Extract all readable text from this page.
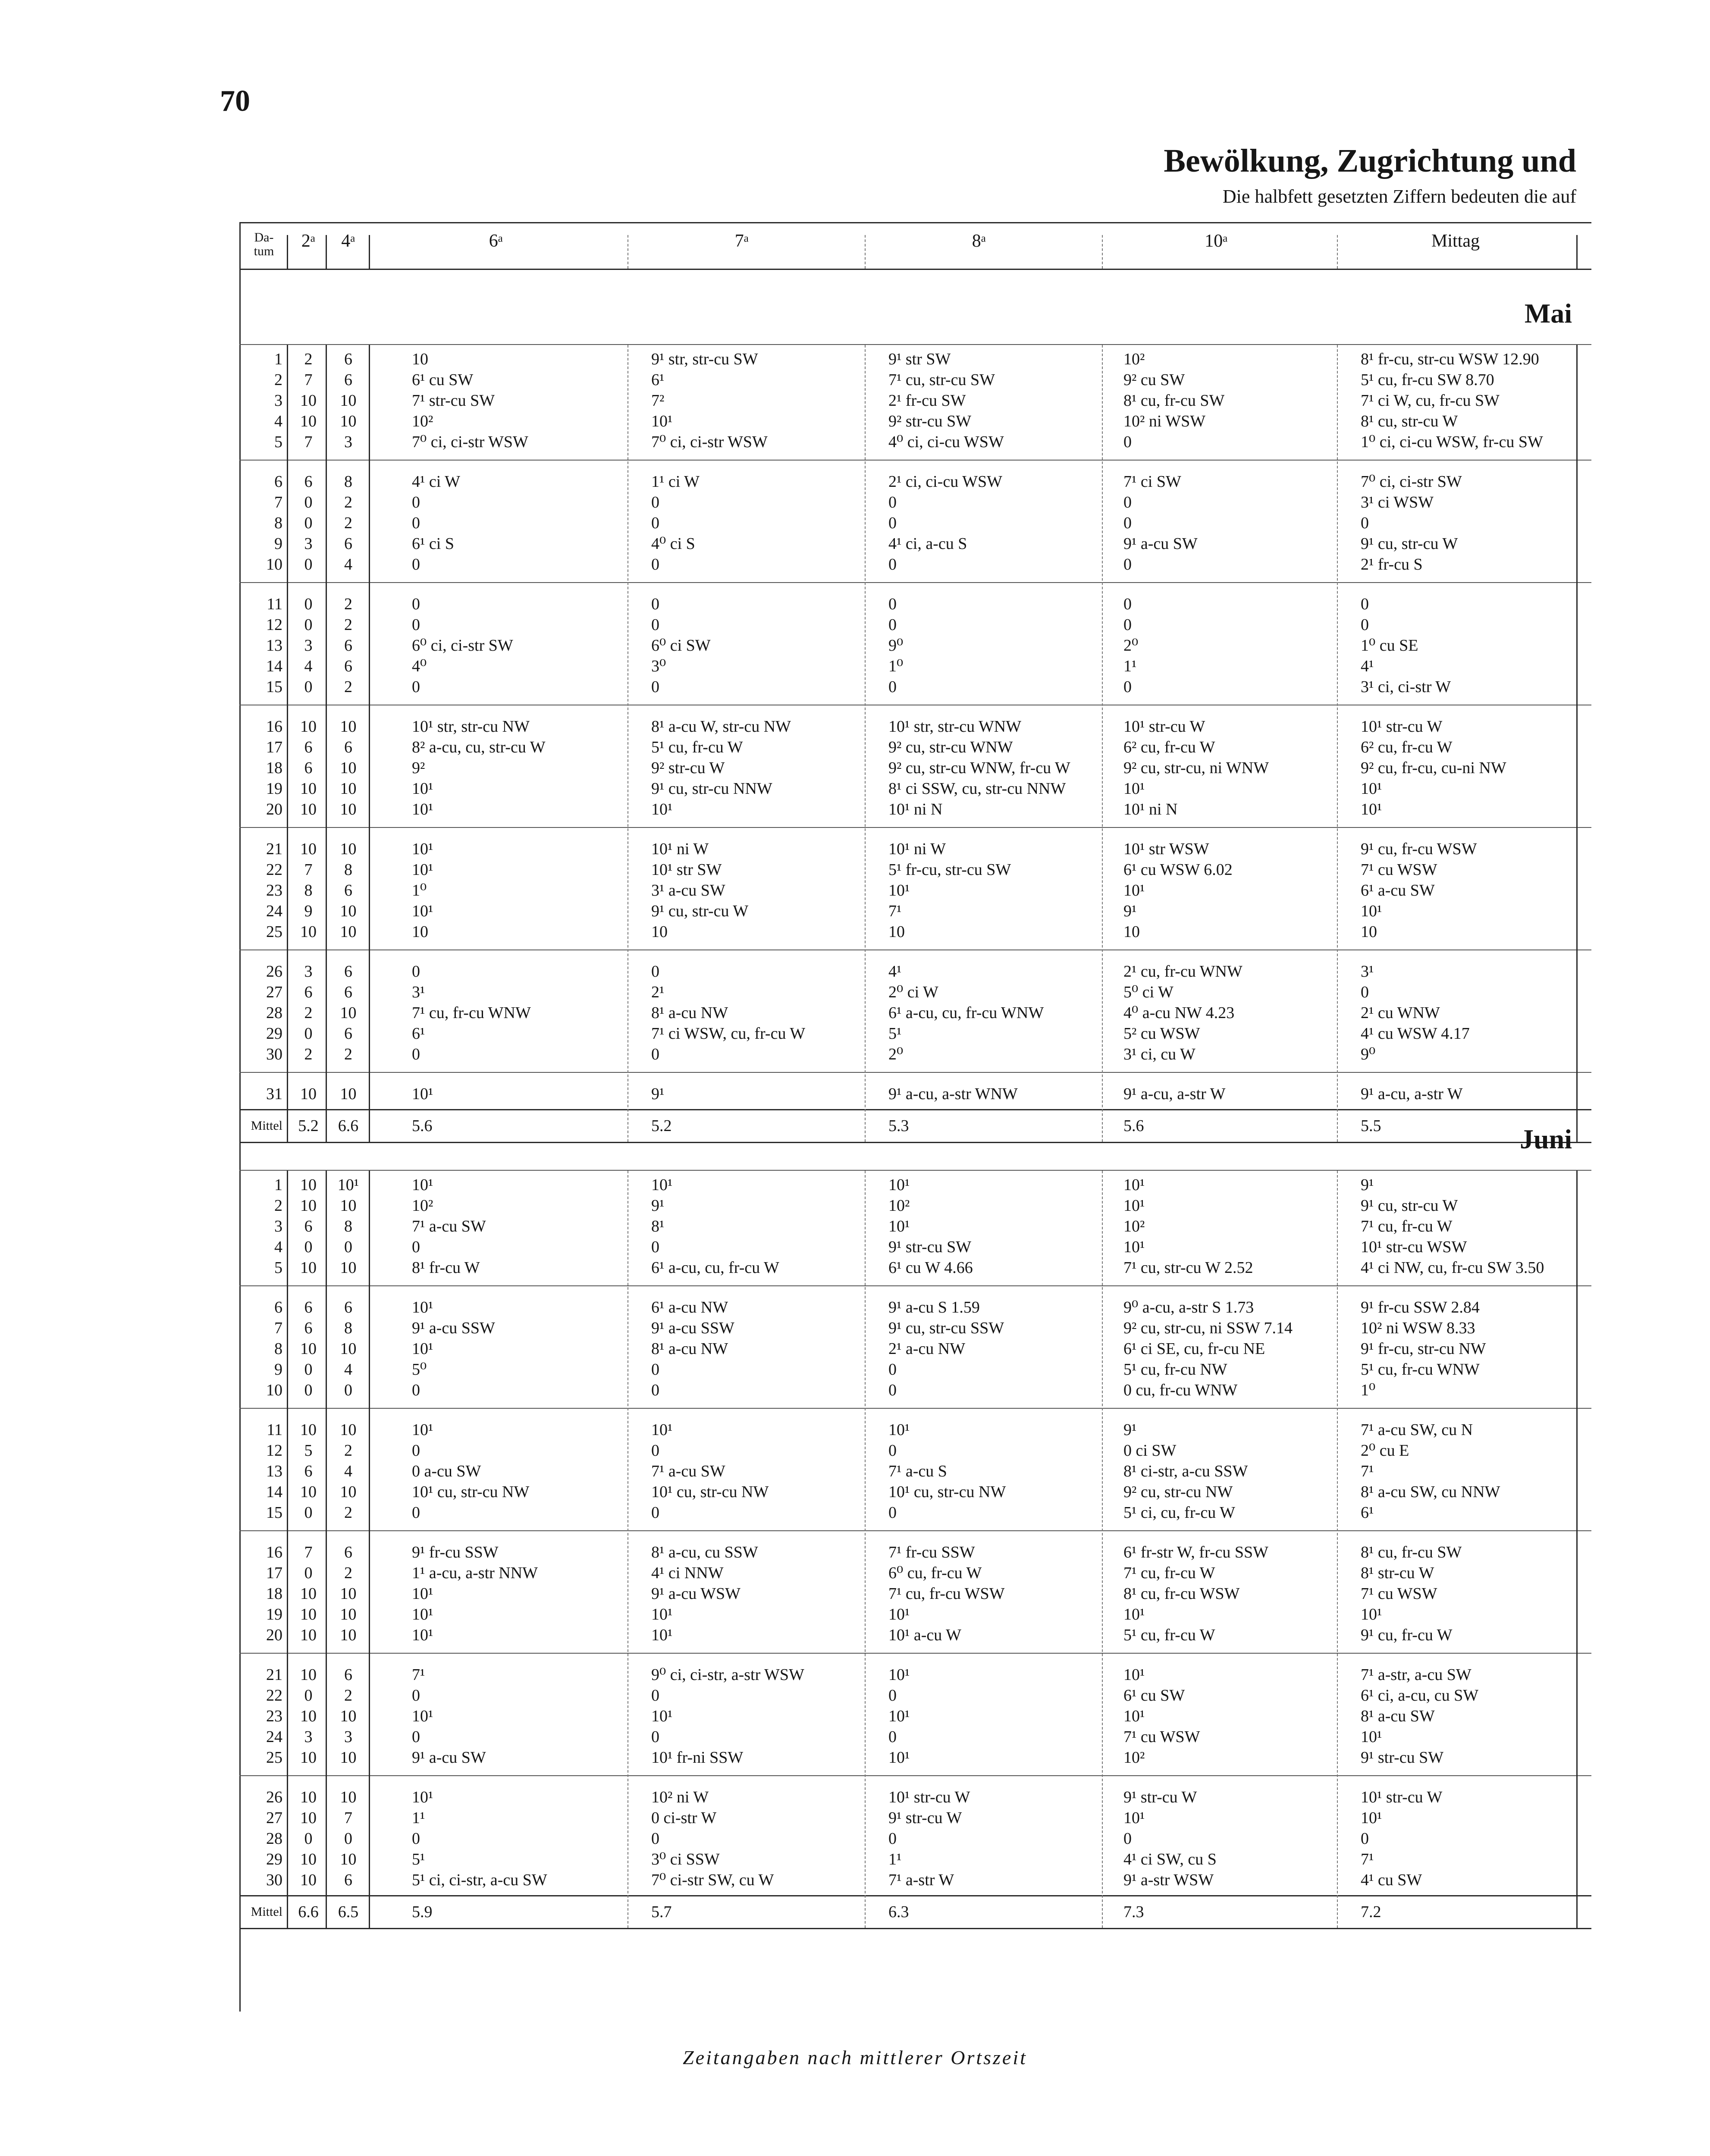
70
Bewölkung, Zugrichtung und
Die halbfett gesetzten Ziffern bedeuten die auf
Da-
tum
2ᵃ	4ᵃ	6ᵃ	7ᵃ	8ᵃ	10ᵃ	Mittag
Mai
1	2	6	10	9¹ str, str-cu SW	9¹ str SW	10²	8¹ fr-cu, str-cu WSW 12.90
2	7	6	6¹ cu SW	6¹	7¹ cu, str-cu SW	9² cu SW	5¹ cu, fr-cu SW 8.70
3	10	10	7¹ str-cu SW	7²	2¹ fr-cu SW	8¹ cu, fr-cu SW	7¹ ci W, cu, fr-cu SW
4	10	10	10²	10¹	9² str-cu SW	10² ni WSW	8¹ cu, str-cu W
5	7	3	7⁰ ci, ci-str WSW	7⁰ ci, ci-str WSW	4⁰ ci, ci-cu WSW	0	1⁰ ci, ci-cu WSW, fr-cu SW
6	6	8	4¹ ci W	1¹ ci W	2¹ ci, ci-cu WSW	7¹ ci SW	7⁰ ci, ci-str SW
7	0	2	0	0	0	0	3¹ ci WSW
8	0	2	0	0	0	0	0
9	3	6	6¹ ci S	4⁰ ci S	4¹ ci, a-cu S	9¹ a-cu SW	9¹ cu, str-cu W
10	0	4	0	0	0	0	2¹ fr-cu S
11	0	2	0	0	0	0	0
12	0	2	0	0	0	0	0
13	3	6	6⁰ ci, ci-str SW	6⁰ ci SW	9⁰	2⁰	1⁰ cu SE
14	4	6	4⁰	3⁰	1⁰	1¹	4¹
15	0	2	0	0	0	0	3¹ ci, ci-str W
16	10	10	10¹ str, str-cu NW	8¹ a-cu W, str-cu NW	10¹ str, str-cu WNW	10¹ str-cu W	10¹ str-cu W
17	6	6	8² a-cu, cu, str-cu W	5¹ cu, fr-cu W	9² cu, str-cu WNW	6² cu, fr-cu W	6² cu, fr-cu W
18	6	10	9²	9² str-cu W	9² cu, str-cu WNW, fr-cu W	9² cu, str-cu, ni WNW	9² cu, fr-cu, cu-ni NW
19	10	10	10¹	9¹ cu, str-cu NNW	8¹ ci SSW, cu, str-cu NNW	10¹	10¹
20	10	10	10¹	10¹	10¹ ni N	10¹ ni N	10¹
21	10	10	10¹	10¹ ni W	10¹ ni W	10¹ str WSW	9¹ cu, fr-cu WSW
22	7	8	10¹	10¹ str SW	5¹ fr-cu, str-cu SW	6¹ cu WSW 6.02	7¹ cu WSW
23	8	6	1⁰	3¹ a-cu SW	10¹	10¹	6¹ a-cu SW
24	9	10	10¹	9¹ cu, str-cu W	7¹	9¹	10¹
25	10	10	10	10	10	10	10
26	3	6	0	0	4¹	2¹ cu, fr-cu WNW	3¹
27	6	6	3¹	2¹	2⁰ ci W	5⁰ ci W	0
28	2	10	7¹ cu, fr-cu WNW	8¹ a-cu NW	6¹ a-cu, cu, fr-cu WNW	4⁰ a-cu NW 4.23	2¹ cu WNW
29	0	6	6¹	7¹ ci WSW, cu, fr-cu W	5¹	5² cu WSW	4¹ cu WSW 4.17
30	2	2	0	0	2⁰	3¹ ci, cu W	9⁰
31	10	10	10¹	9¹	9¹ a-cu, a-str WNW	9¹ a-cu, a-str W	9¹ a-cu, a-str W
Mittel 5.2	6.6	5.6	5.2	5.3	5.6	5.5	Juni
1	10	10¹	10¹	10¹	10¹	10¹	9¹
2	10	10	10²	9¹	10²	10¹	9¹ cu, str-cu W
3	6	8	7¹ a-cu SW	8¹	10¹	10²	7¹ cu, fr-cu W
4	0	0	0	0	9¹ str-cu SW	10¹	10¹ str-cu WSW
5	10	10	8¹ fr-cu W	6¹ a-cu, cu, fr-cu W	6¹ cu W 4.66	7¹ cu, str-cu W 2.52	4¹ ci NW, cu, fr-cu SW 3.50
6	6	6	10¹	6¹ a-cu NW	9¹ a-cu S 1.59	9⁰ a-cu, a-str S 1.73	9¹ fr-cu SSW 2.84
7	6	8	9¹ a-cu SSW	9¹ a-cu SSW	9¹ cu, str-cu SSW	9² cu, str-cu, ni SSW 7.14	10² ni WSW 8.33
8	10	10	10¹	8¹ a-cu NW	2¹ a-cu NW	6¹ ci SE, cu, fr-cu NE	9¹ fr-cu, str-cu NW
9	0	4	5⁰	0	0	5¹ cu, fr-cu NW	5¹ cu, fr-cu WNW
10	0	0	0	0	0	0 cu, fr-cu WNW	1⁰
11	10	10	10¹	10¹	10¹	9¹	7¹ a-cu SW, cu N
12	5	2	0	0	0	0 ci SW	2⁰ cu E
13	6	4	0 a-cu SW	7¹ a-cu SW	7¹ a-cu S	8¹ ci-str, a-cu SSW	7¹
14	10	10	10¹ cu, str-cu NW	10¹ cu, str-cu NW	10¹ cu, str-cu NW	9² cu, str-cu NW	8¹ a-cu SW, cu NNW
15	0	2	0	0	0	5¹ ci, cu, fr-cu W	6¹
16	7	6	9¹ fr-cu SSW	8¹ a-cu, cu SSW	7¹ fr-cu SSW	6¹ fr-str W, fr-cu SSW	8¹ cu, fr-cu SW
17	0	2	1¹ a-cu, a-str NNW	4¹ ci NNW	6⁰ cu, fr-cu W	7¹ cu, fr-cu W	8¹ str-cu W
18	10	10	10¹	9¹ a-cu WSW	7¹ cu, fr-cu WSW	8¹ cu, fr-cu WSW	7¹ cu WSW
19	10	10	10¹	10¹	10¹	10¹	10¹
20	10	10	10¹	10¹	10¹ a-cu W	5¹ cu, fr-cu W	9¹ cu, fr-cu W
21	10	6	7¹	9⁰ ci, ci-str, a-str WSW	10¹	10¹	7¹ a-str, a-cu SW
22	0	2	0	0	0	6¹ cu SW	6¹ ci, a-cu, cu SW
23	10	10	10¹	10¹	10¹	10¹	8¹ a-cu SW
24	3	3	0	0	0	7¹ cu WSW	10¹
25	10	10	9¹ a-cu SW	10¹ fr-ni SSW	10¹	10²	9¹ str-cu SW
26	10	10	10¹	10² ni W	10¹ str-cu W	9¹ str-cu W	10¹ str-cu W
27	10	7	1¹	0 ci-str W	9¹ str-cu W	10¹	10¹
28	0	0	0	0	0	0	0
29	10	10	5¹	3⁰ ci SSW	1¹	4¹ ci SW, cu S	7¹
30	10	6	5¹ ci, ci-str, a-cu SW	7⁰ ci-str SW, cu W	7¹ a-str W	9¹ a-str WSW	4¹ cu SW
Mittel 6.6	6.5	5.9	5.7	6.3	7.3	7.2
Zeitangaben nach mittlerer Ortszeit
